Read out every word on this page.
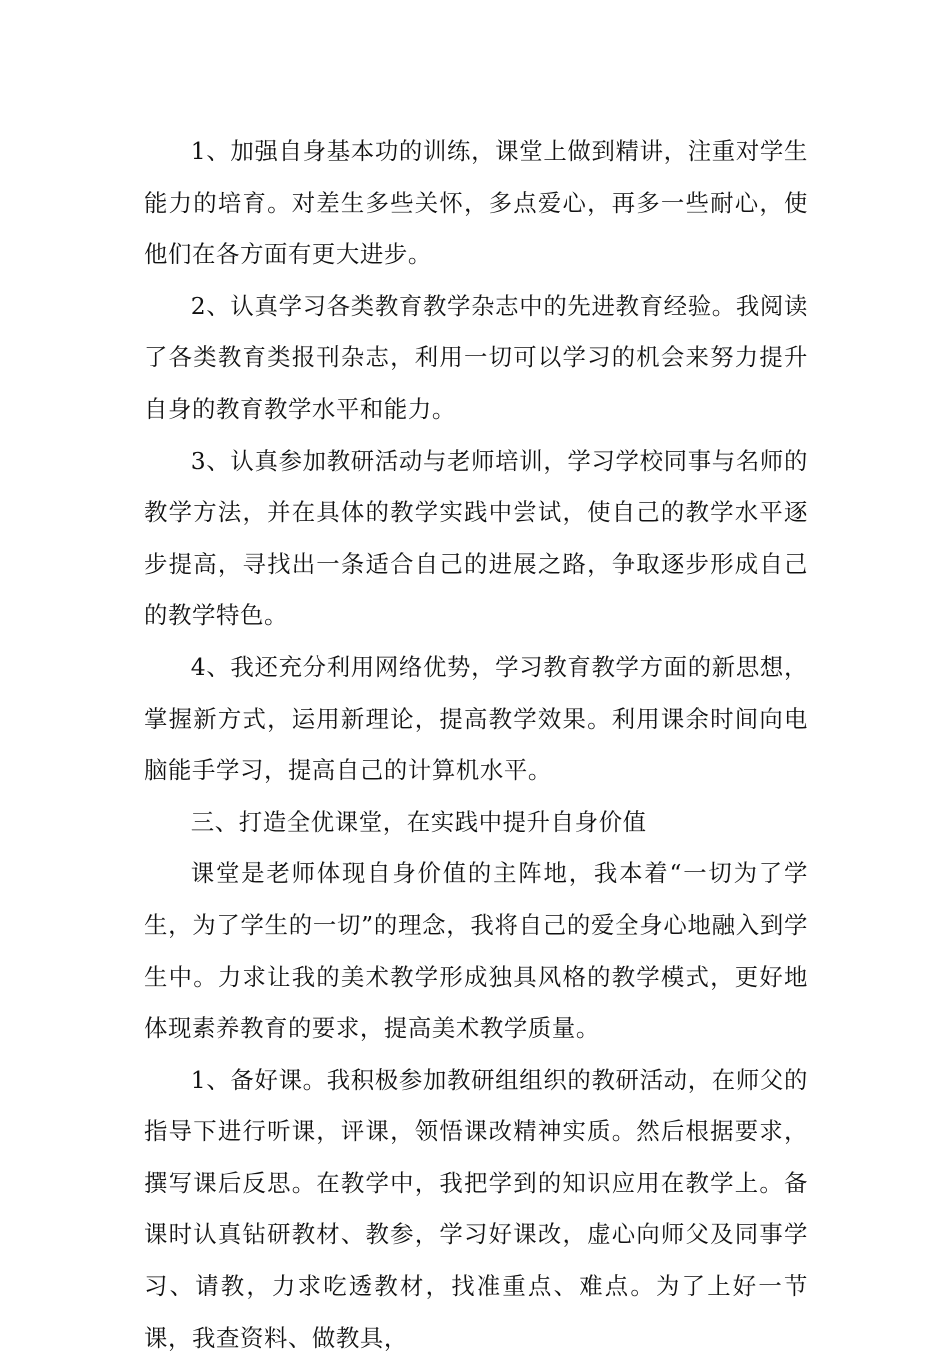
1、加强自身基本功的训练，课堂上做到精讲，注重对学生能力的培育。对差生多些关怀，多点爱心，再多一些耐心，使他们在各方面有更大进步。

2、认真学习各类教育教学杂志中的先进教育经验。我阅读了各类教育类报刊杂志，利用一切可以学习的机会来努力提升自身的教育教学水平和能力。

3、认真参加教研活动与老师培训，学习学校同事与名师的教学方法，并在具体的教学实践中尝试，使自己的教学水平逐步提高，寻找出一条适合自己的进展之路，争取逐步形成自己的教学特色。

4、我还充分利用网络优势，学习教育教学方面的新思想，掌握新方式，运用新理论，提高教学效果。利用课余时间向电脑能手学习，提高自己的计算机水平。

三、打造全优课堂，在实践中提升自身价值

课堂是老师体现自身价值的主阵地，我本着“一切为了学生，为了学生的一切”的理念，我将自己的爱全身心地融入到学生中。力求让我的美术教学形成独具风格的教学模式，更好地体现素养教育的要求，提高美术教学质量。

1、备好课。我积极参加教研组组织的教研活动，在师父的指导下进行听课，评课，领悟课改精神实质。然后根据要求，撰写课后反思。在教学中，我把学到的知识应用在教学上。备课时认真钻研教材、教参，学习好课改，虚心向师父及同事学习、请教，力求吃透教材，找准重点、难点。为了上好一节课，我查资料、做教具，
